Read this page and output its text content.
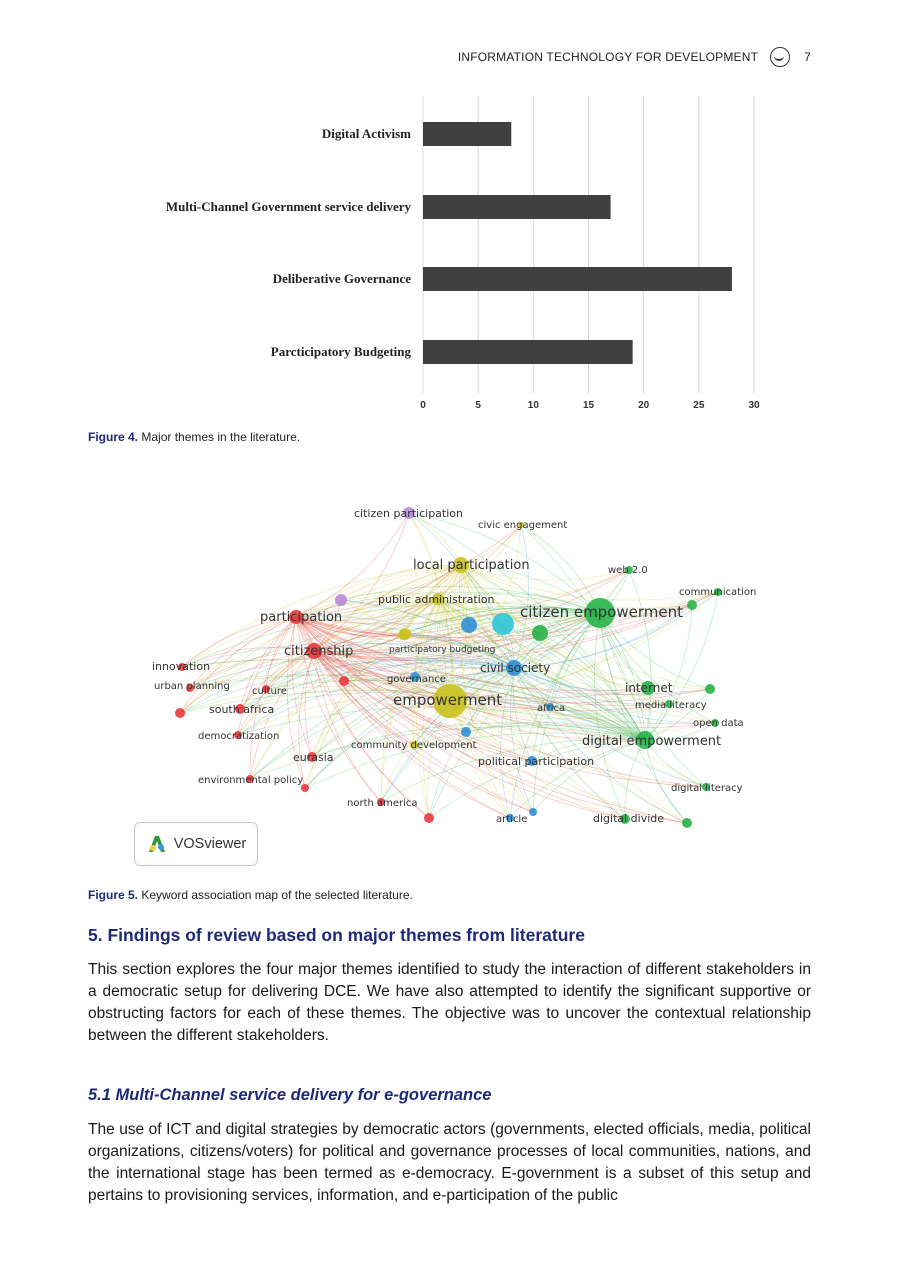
INFORMATION TECHNOLOGY FOR DEVELOPMENT	7
Digital Activism
Multi-Channel Government service delivery
Deliberative Governance
Parcticipatory Budgeting
0	5	10	15	20	25	30
Figure 4. Major themes in the literature.
citizen participation
civic engagement
local participation	web 2.0
communication
public administration
citizen empowerment
participation
citizenship	participatory budgeting
civil society
innovation
governance
urban planning culture	empowerment
internet
media literacy
south africa	africa
open data
democratization
community development	digital empowerment
eurasia	political participation
environmental policy
digital literacy
north america
article	digital divide
VOSviewer
Figure 5. Keyword association map of the selected literature.
5. Findings of review based on major themes from literature

This section explores the four major themes identified to study the interaction of different stakeholders in a democratic setup for delivering DCE. We have also attempted to identify the significant supportive or obstructing factors for each of these themes. The objective was to uncover the contextual relationship between the different stakeholders.

5.1 Multi-Channel service delivery for e-governance

The use of ICT and digital strategies by democratic actors (governments, elected officials, media, political organizations, citizens/voters) for political and governance processes of local communities, nations, and the international stage has been termed as e-democracy. E-government is a subset of this setup and pertains to provisioning services, information, and e-participation of the public
